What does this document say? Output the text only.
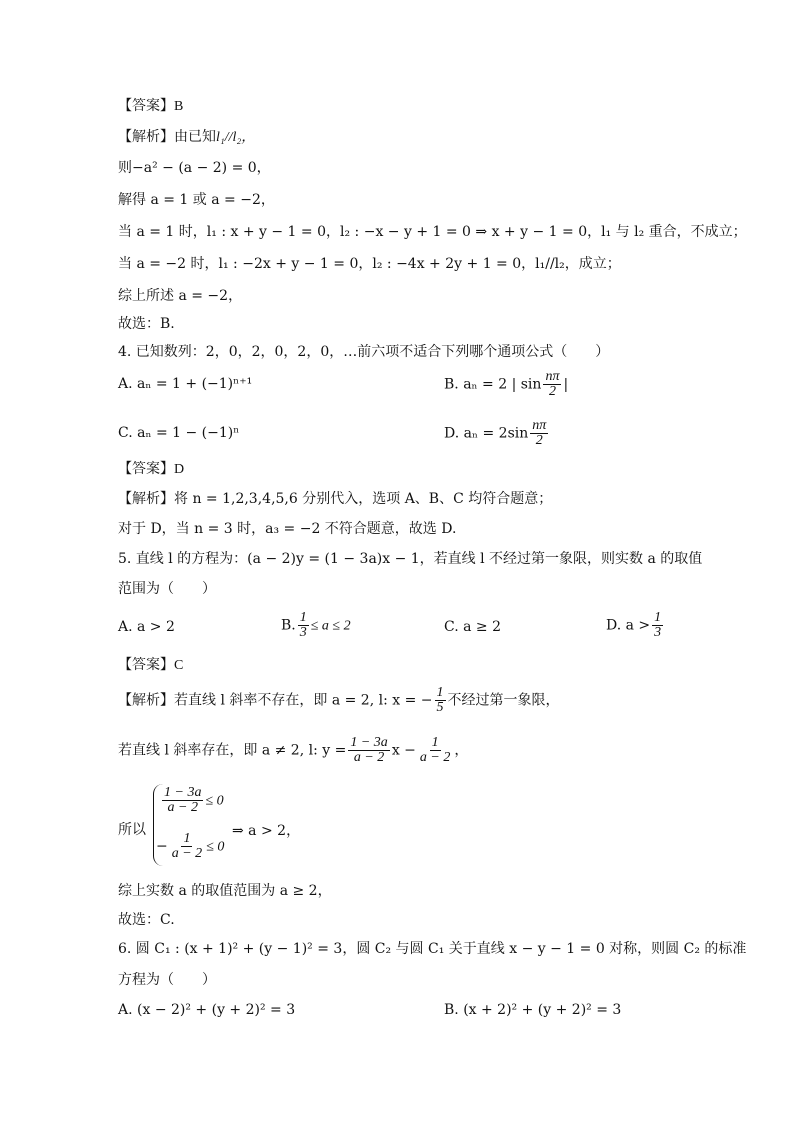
【答案】B
【解析】由已知l₁//l₂，
则−a² − (a − 2) = 0，
解得 a = 1 或 a = −2，
当 a = 1 时，l₁ : x + y − 1 = 0，l₂ : −x − y + 1 = 0 ⇒ x + y − 1 = 0，l₁ 与 l₂ 重合，不成立；
当 a = −2 时，l₁ : −2x + y − 1 = 0，l₂ : −4x + 2y + 1 = 0，l₁//l₂，成立；
综上所述 a = −2，
故选：B.
4. 已知数列：2，0，2，0，2，0，…前六项不适合下列哪个通项公式（　　）
A. aₙ = 1 + (−1)ⁿ⁺¹	B. aₙ = 2 | $\sin \frac{n\pi}{2}$ |
C. aₙ = 1 − (−1)ⁿ	D. $a_n = 2\sin \frac{n\pi}{2}$
【答案】D
【解析】将 n = 1,2,3,4,5,6 分别代入，选项 A、B、C 均符合题意；
对于 D，当 n = 3 时，a₃ = −2 不符合题意，故选 D.
5. 直线 l 的方程为：(a − 2)y = (1 − 3a)x − 1，若直线 l 不经过第一象限，则实数 a 的取值
范围为（　　）
A. a > 2	B. $\frac{1}{3} \le a \le 2$	C. a ≥ 2	D. $a > \frac{1}{3}$
【答案】C
【解析】若直线 l 斜率不存在，即 a = 2, l: x = − $\frac{1}{5}$ 不经过第一象限，
若直线 l 斜率存在，即 a ≠ 2, l: $y = \frac{1 - 3a}{a - 2}$ $x - \frac{1}{a - 2}$ ，
所以
$\frac{1 - 3a}{a - 2} \le 0$
− $\frac{1}{a - 2} \le 0$
⇒ a > 2，
综上实数 a 的取值范围为 a ≥ 2，
故选：C.
6. 圆 C₁ : (x + 1)² + (y − 1)² = 3，圆 C₂ 与圆 C₁ 关于直线 x − y − 1 = 0 对称，则圆 C₂ 的标准
方程为（　　）
A. (x − 2)² + (y + 2)² = 3	B. (x + 2)² + (y + 2)² = 3
